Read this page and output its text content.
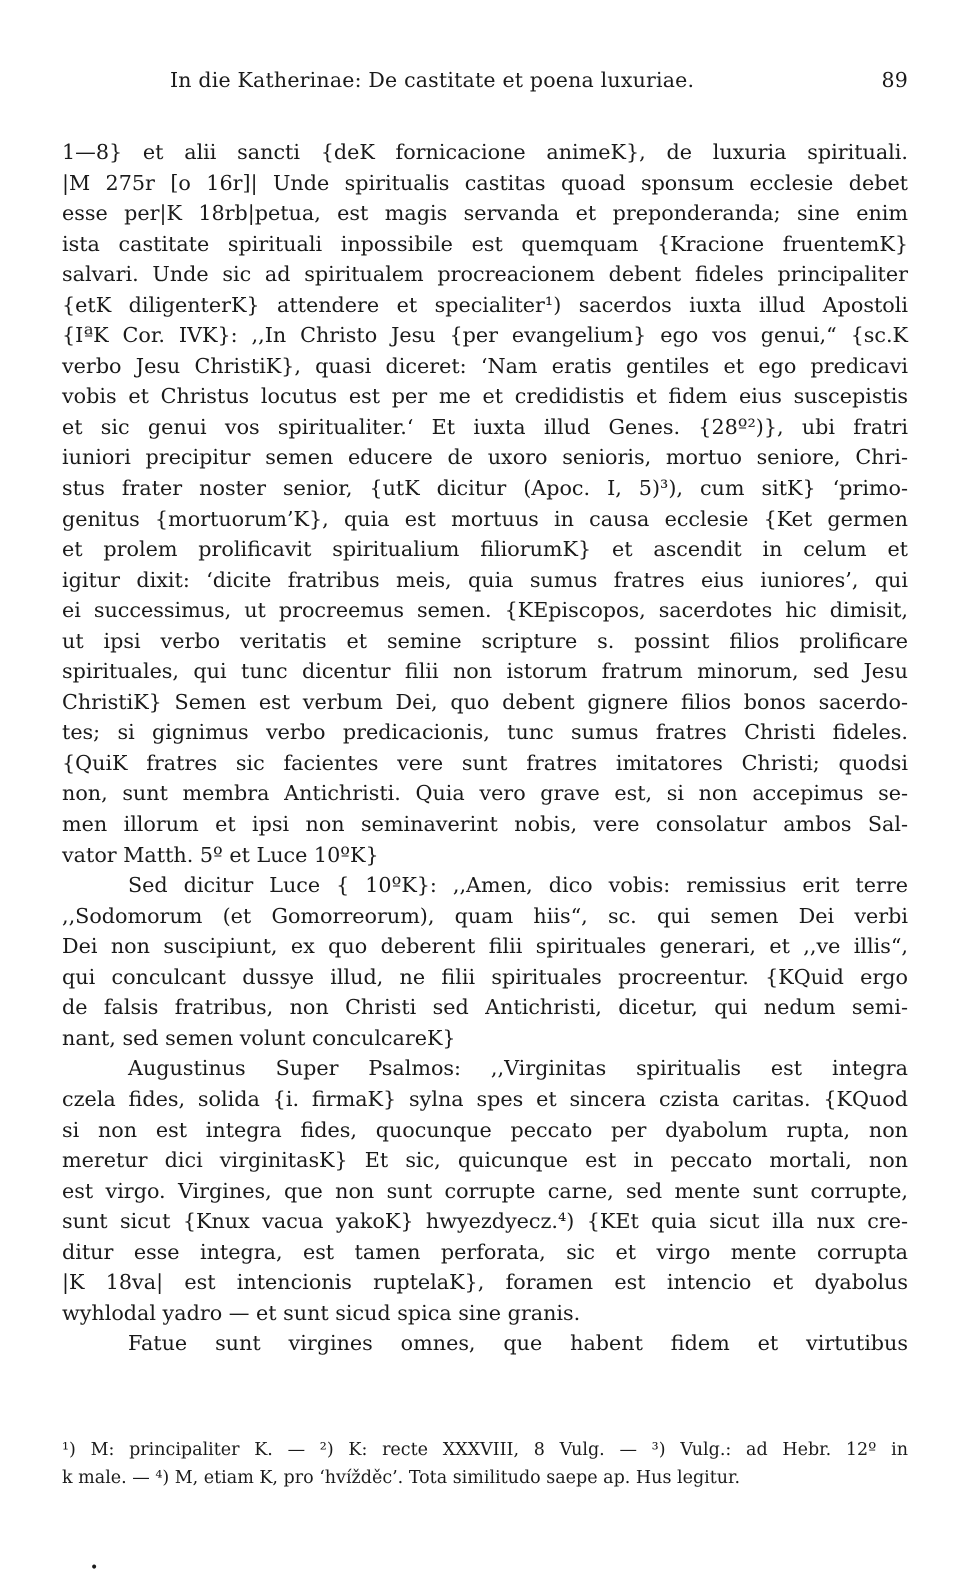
In die Katherinae: De castitate et poena luxuriae.	89
1—8} et alii sancti {deK fornicacione animeK}, de luxuria spirituali.
|M 275r [o 16r]| Unde spiritualis castitas quoad sponsum ecclesie debet
esse per|K 18rb|petua, est magis servanda et preponderanda; sine enim
ista castitate spirituali inpossibile est quemquam {Kracione fruentemK}
salvari. Unde sic ad spiritualem procreacionem debent fideles principaliter
{etK diligenterK} attendere et specialiter¹) sacerdos iuxta illud Apostoli
{IªK Cor. IVK}: ,,In Christo Jesu {per evangelium} ego vos genui,“ {sc.K
verbo Jesu ChristiK}, quasi diceret: ‘Nam eratis gentiles et ego predicavi
vobis et Christus locutus est per me et credidistis et fidem eius suscepistis
et sic genui vos spiritualiter.‘ Et iuxta illud Genes. {28º²)}, ubi fratri
iuniori precipitur semen educere de uxoro senioris, mortuo seniore, Chri-
stus frater noster senior, {utK dicitur (Apoc. I, 5)³), cum sitK} ‘primo-
genitus {mortuorum’K}, quia est mortuus in causa ecclesie {Ket germen
et prolem prolificavit spiritualium filiorumK} et ascendit in celum et
igitur dixit: ‘dicite fratribus meis, quia sumus fratres eius iuniores’, qui
ei successimus, ut procreemus semen. {KEpiscopos, sacerdotes hic dimisit,
ut ipsi verbo veritatis et semine scripture s. possint filios prolificare
spirituales, qui tunc dicentur filii non istorum fratrum minorum, sed Jesu
ChristiK} Semen est verbum Dei, quo debent gignere filios bonos sacerdo-
tes; si gignimus verbo predicacionis, tunc sumus fratres Christi fideles.
{QuiK fratres sic facientes vere sunt fratres imitatores Christi; quodsi
non, sunt membra Antichristi. Quia vero grave est, si non accepimus se-
men illorum et ipsi non seminaverint nobis, vere consolatur ambos Sal-
vator Matth. 5º et Luce 10ºK}
Sed dicitur Luce { 10ºK}: ,,Amen, dico vobis: remissius erit terre
,,Sodomorum (et Gomorreorum), quam hiis“, sc. qui semen Dei verbi
Dei non suscipiunt, ex quo deberent filii spirituales generari, et ,,ve illis“,
qui conculcant dussye illud, ne filii spirituales procreentur. {KQuid ergo
de falsis fratribus, non Christi sed Antichristi, dicetur, qui nedum semi-
nant, sed semen volunt conculcareK}
Augustinus Super Psalmos: ,,Virginitas spiritualis est integra
czela fides, solida {i. firmaK} sylna spes et sincera czista caritas. {KQuod
si non est integra fides, quocunque peccato per dyabolum rupta, non
meretur dici virginitasK} Et sic, quicunque est in peccato mortali, non
est virgo. Virgines, que non sunt corrupte carne, sed mente sunt corrupte,
sunt sicut {Knux vacua yakoK} hwyezdyecz.⁴) {KEt quia sicut illa nux cre-
ditur esse integra, est tamen perforata, sic et virgo mente corrupta
|K 18va| est intencionis ruptelaK}, foramen est intencio et dyabolus
wyhlodal yadro — et sunt sicud spica sine granis.
Fatue sunt virgines omnes, que habent fidem et virtutibus
¹) M: principaliter K. — ²) K: recte XXXVIII, 8 Vulg. — ³) Vulg.: ad Hebr. 12º in
k male. — ⁴) M, etiam K, pro ‘hvížděc’. Tota similitudo saepe ap. Hus legitur.
•
